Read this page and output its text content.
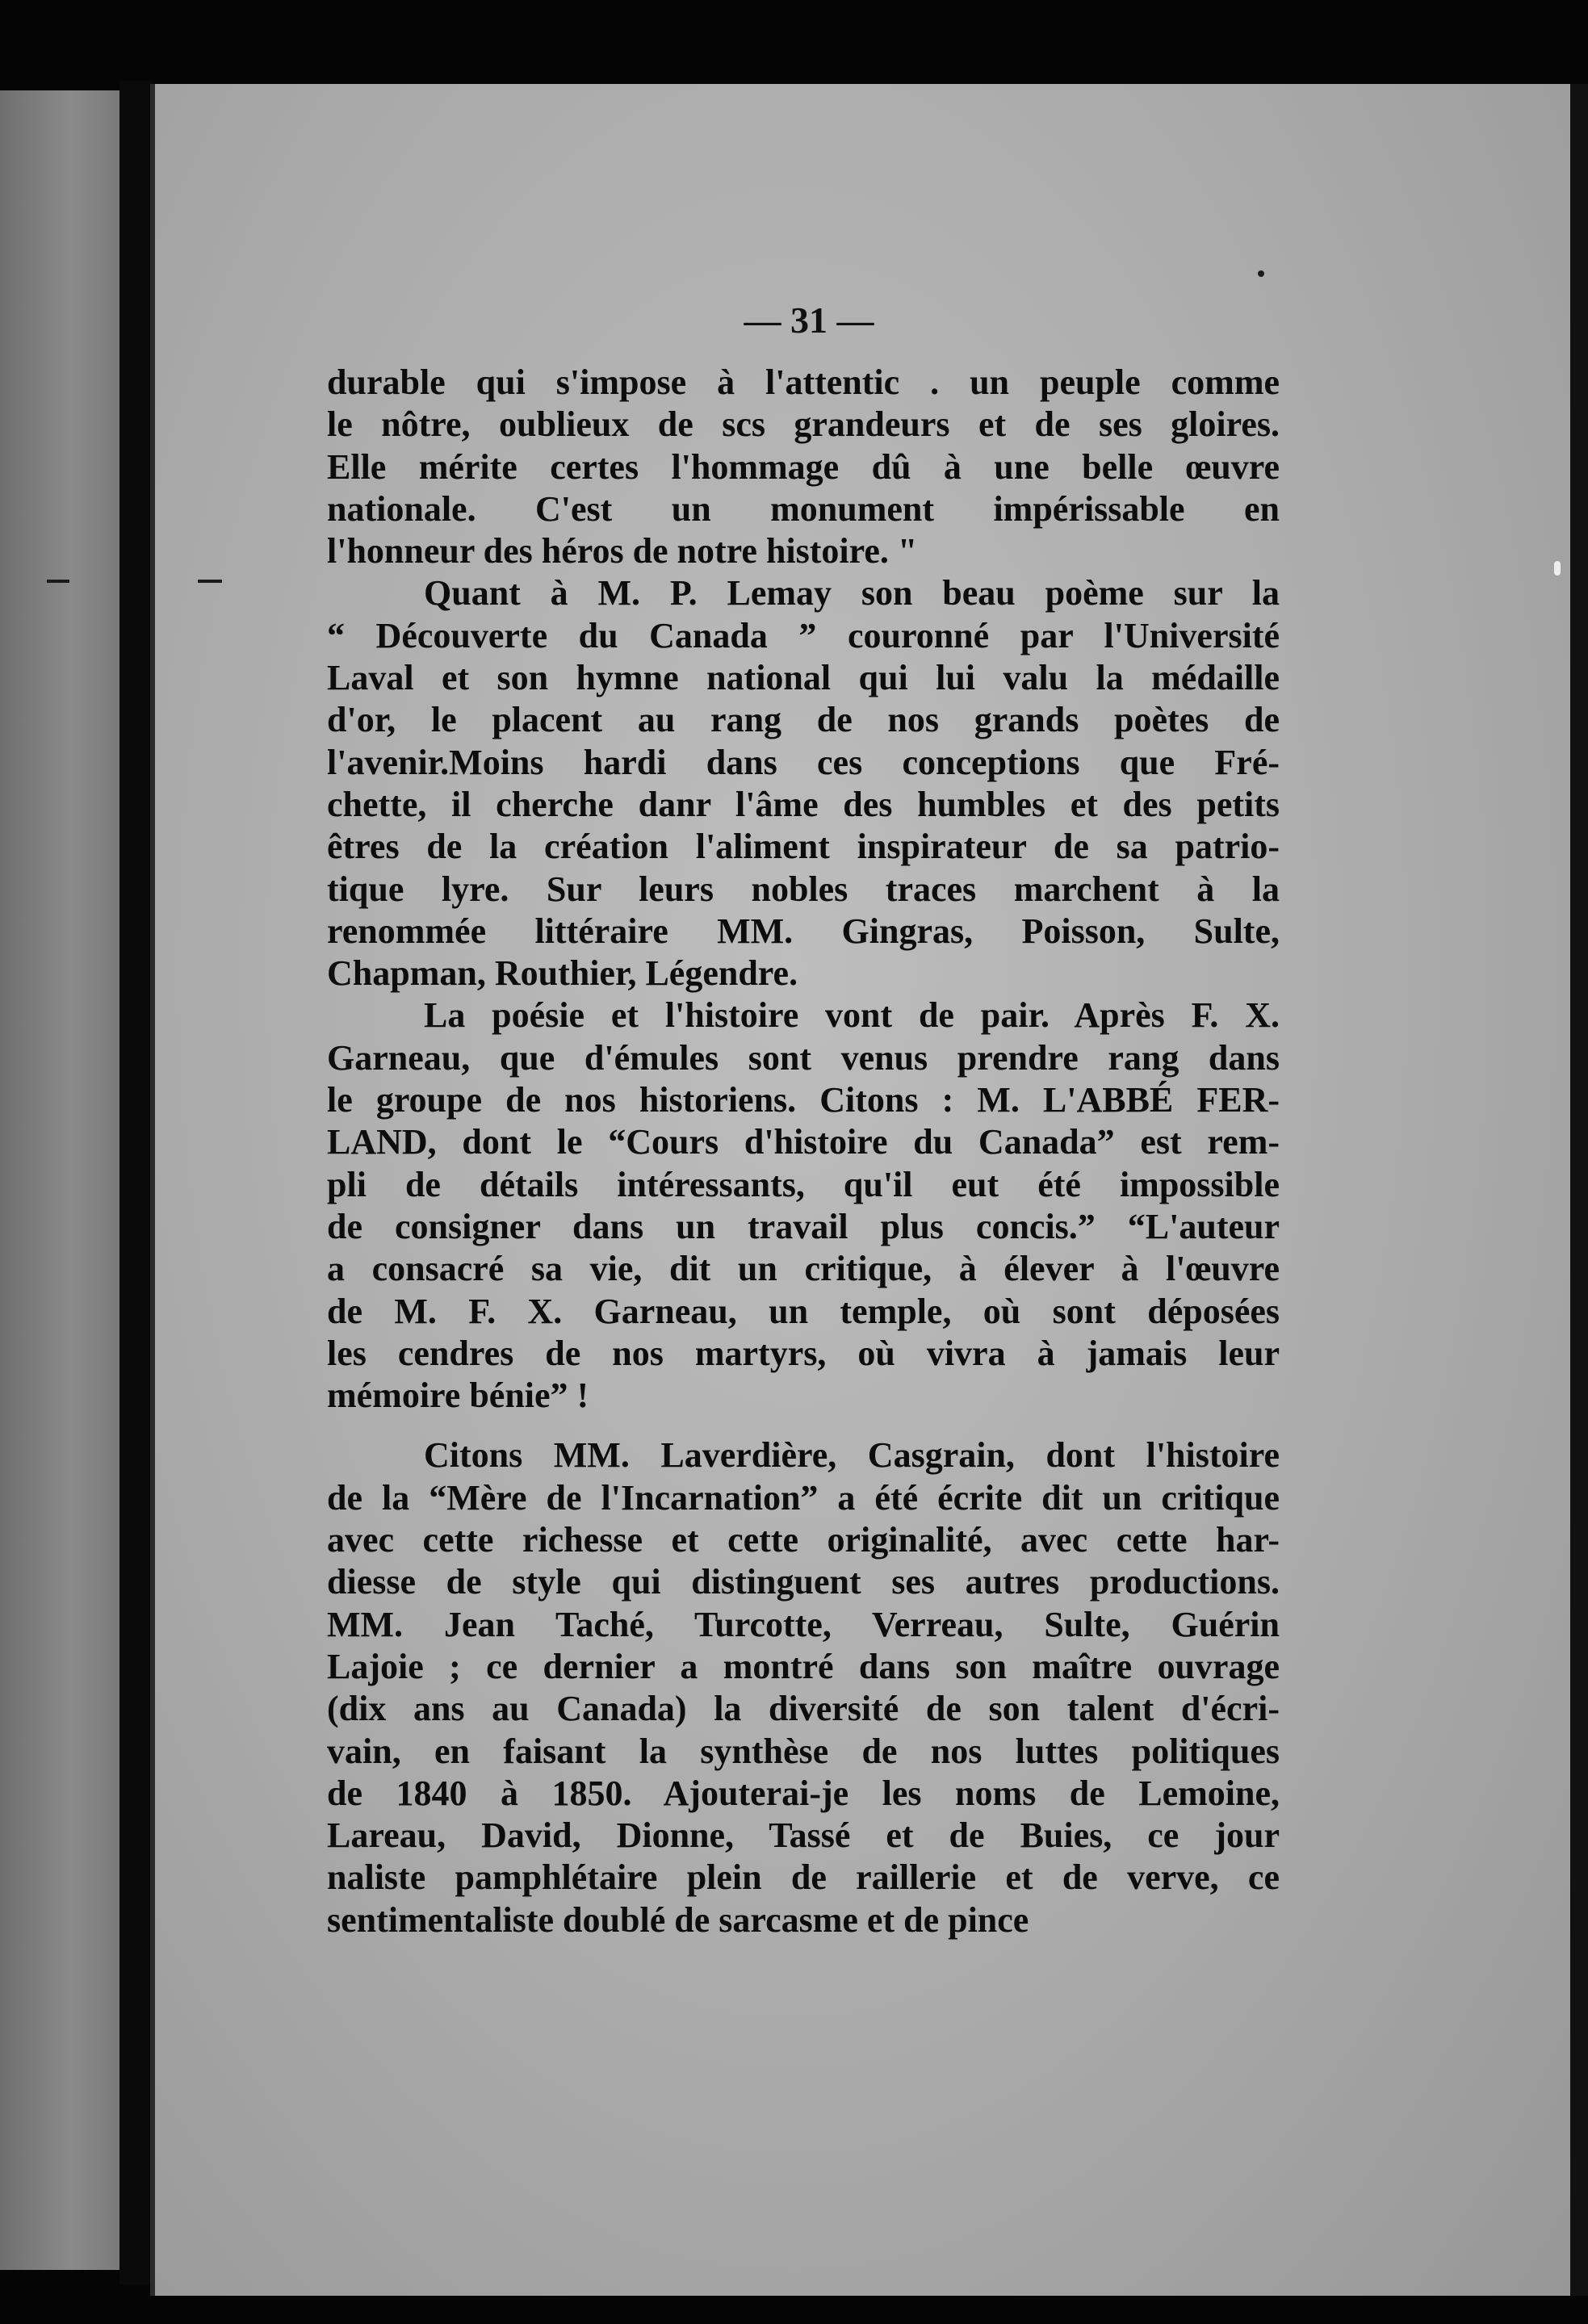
— 31 —
durable qui s'impose à l'attentic . un peuple comme
le nôtre, oublieux de scs grandeurs et de ses gloires.
Elle mérite certes l'hommage dû à une belle œuvre
nationale. C'est un monument impérissable en
l'honneur des héros de notre histoire. "
Quant à M. P. Lemay son beau poème sur la
“ Découverte du Canada ” couronné par l'Université
Laval et son hymne national qui lui valu la médaille
d'or, le placent au rang de nos grands poètes de
l'avenir.Moins hardi dans ces conceptions que Fré-
chette, il cherche danr l'âme des humbles et des petits
êtres de la création l'aliment inspirateur de sa patrio-
tique lyre. Sur leurs nobles traces marchent à la
renommée littéraire MM. Gingras, Poisson, Sulte,
Chapman, Routhier, Légendre.
La poésie et l'histoire vont de pair. Après F. X.
Garneau, que d'émules sont venus prendre rang dans
le groupe de nos historiens. Citons : M. L'ABBÉ FER-
LAND, dont le “Cours d'histoire du Canada” est rem-
pli de détails intéressants, qu'il eut été impossible
de consigner dans un travail plus concis.” “L'auteur
a consacré sa vie, dit un critique, à élever à l'œuvre
de M. F. X. Garneau, un temple, où sont déposées
les cendres de nos martyrs, où vivra à jamais leur
mémoire bénie” !
Citons MM. Laverdière, Casgrain, dont l'histoire
de la “Mère de l'Incarnation” a été écrite dit un critique
avec cette richesse et cette originalité, avec cette har-
diesse de style qui distinguent ses autres productions.
MM. Jean Taché, Turcotte, Verreau, Sulte, Guérin
Lajoie ; ce dernier a montré dans son maître ouvrage
(dix ans au Canada) la diversité de son talent d'écri-
vain, en faisant la synthèse de nos luttes politiques
de 1840 à 1850. Ajouterai-je les noms de Lemoine,
Lareau, David, Dionne, Tassé et de Buies, ce jour
naliste pamphlétaire plein de raillerie et de verve, ce
sentimentaliste doublé de sarcasme et de pince
